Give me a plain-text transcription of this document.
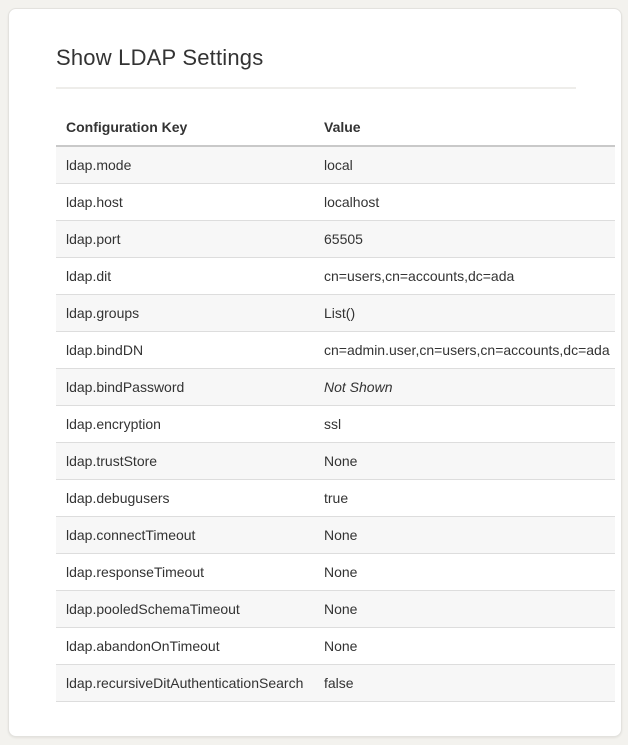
Show LDAP Settings
Configuration Key	Value
ldap.mode	local
ldap.host	localhost
ldap.port	65505
ldap.dit	cn=users,cn=accounts,dc=ada
ldap.groups	List()
ldap.bindDN	cn=admin.user,cn=users,cn=accounts,dc=ada
ldap.bindPassword	Not Shown
ldap.encryption	ssl
ldap.trustStore	None
ldap.debugusers	true
ldap.connectTimeout	None
ldap.responseTimeout	None
ldap.pooledSchemaTimeout	None
ldap.abandonOnTimeout	None
ldap.recursiveDitAuthenticationSearch	false
